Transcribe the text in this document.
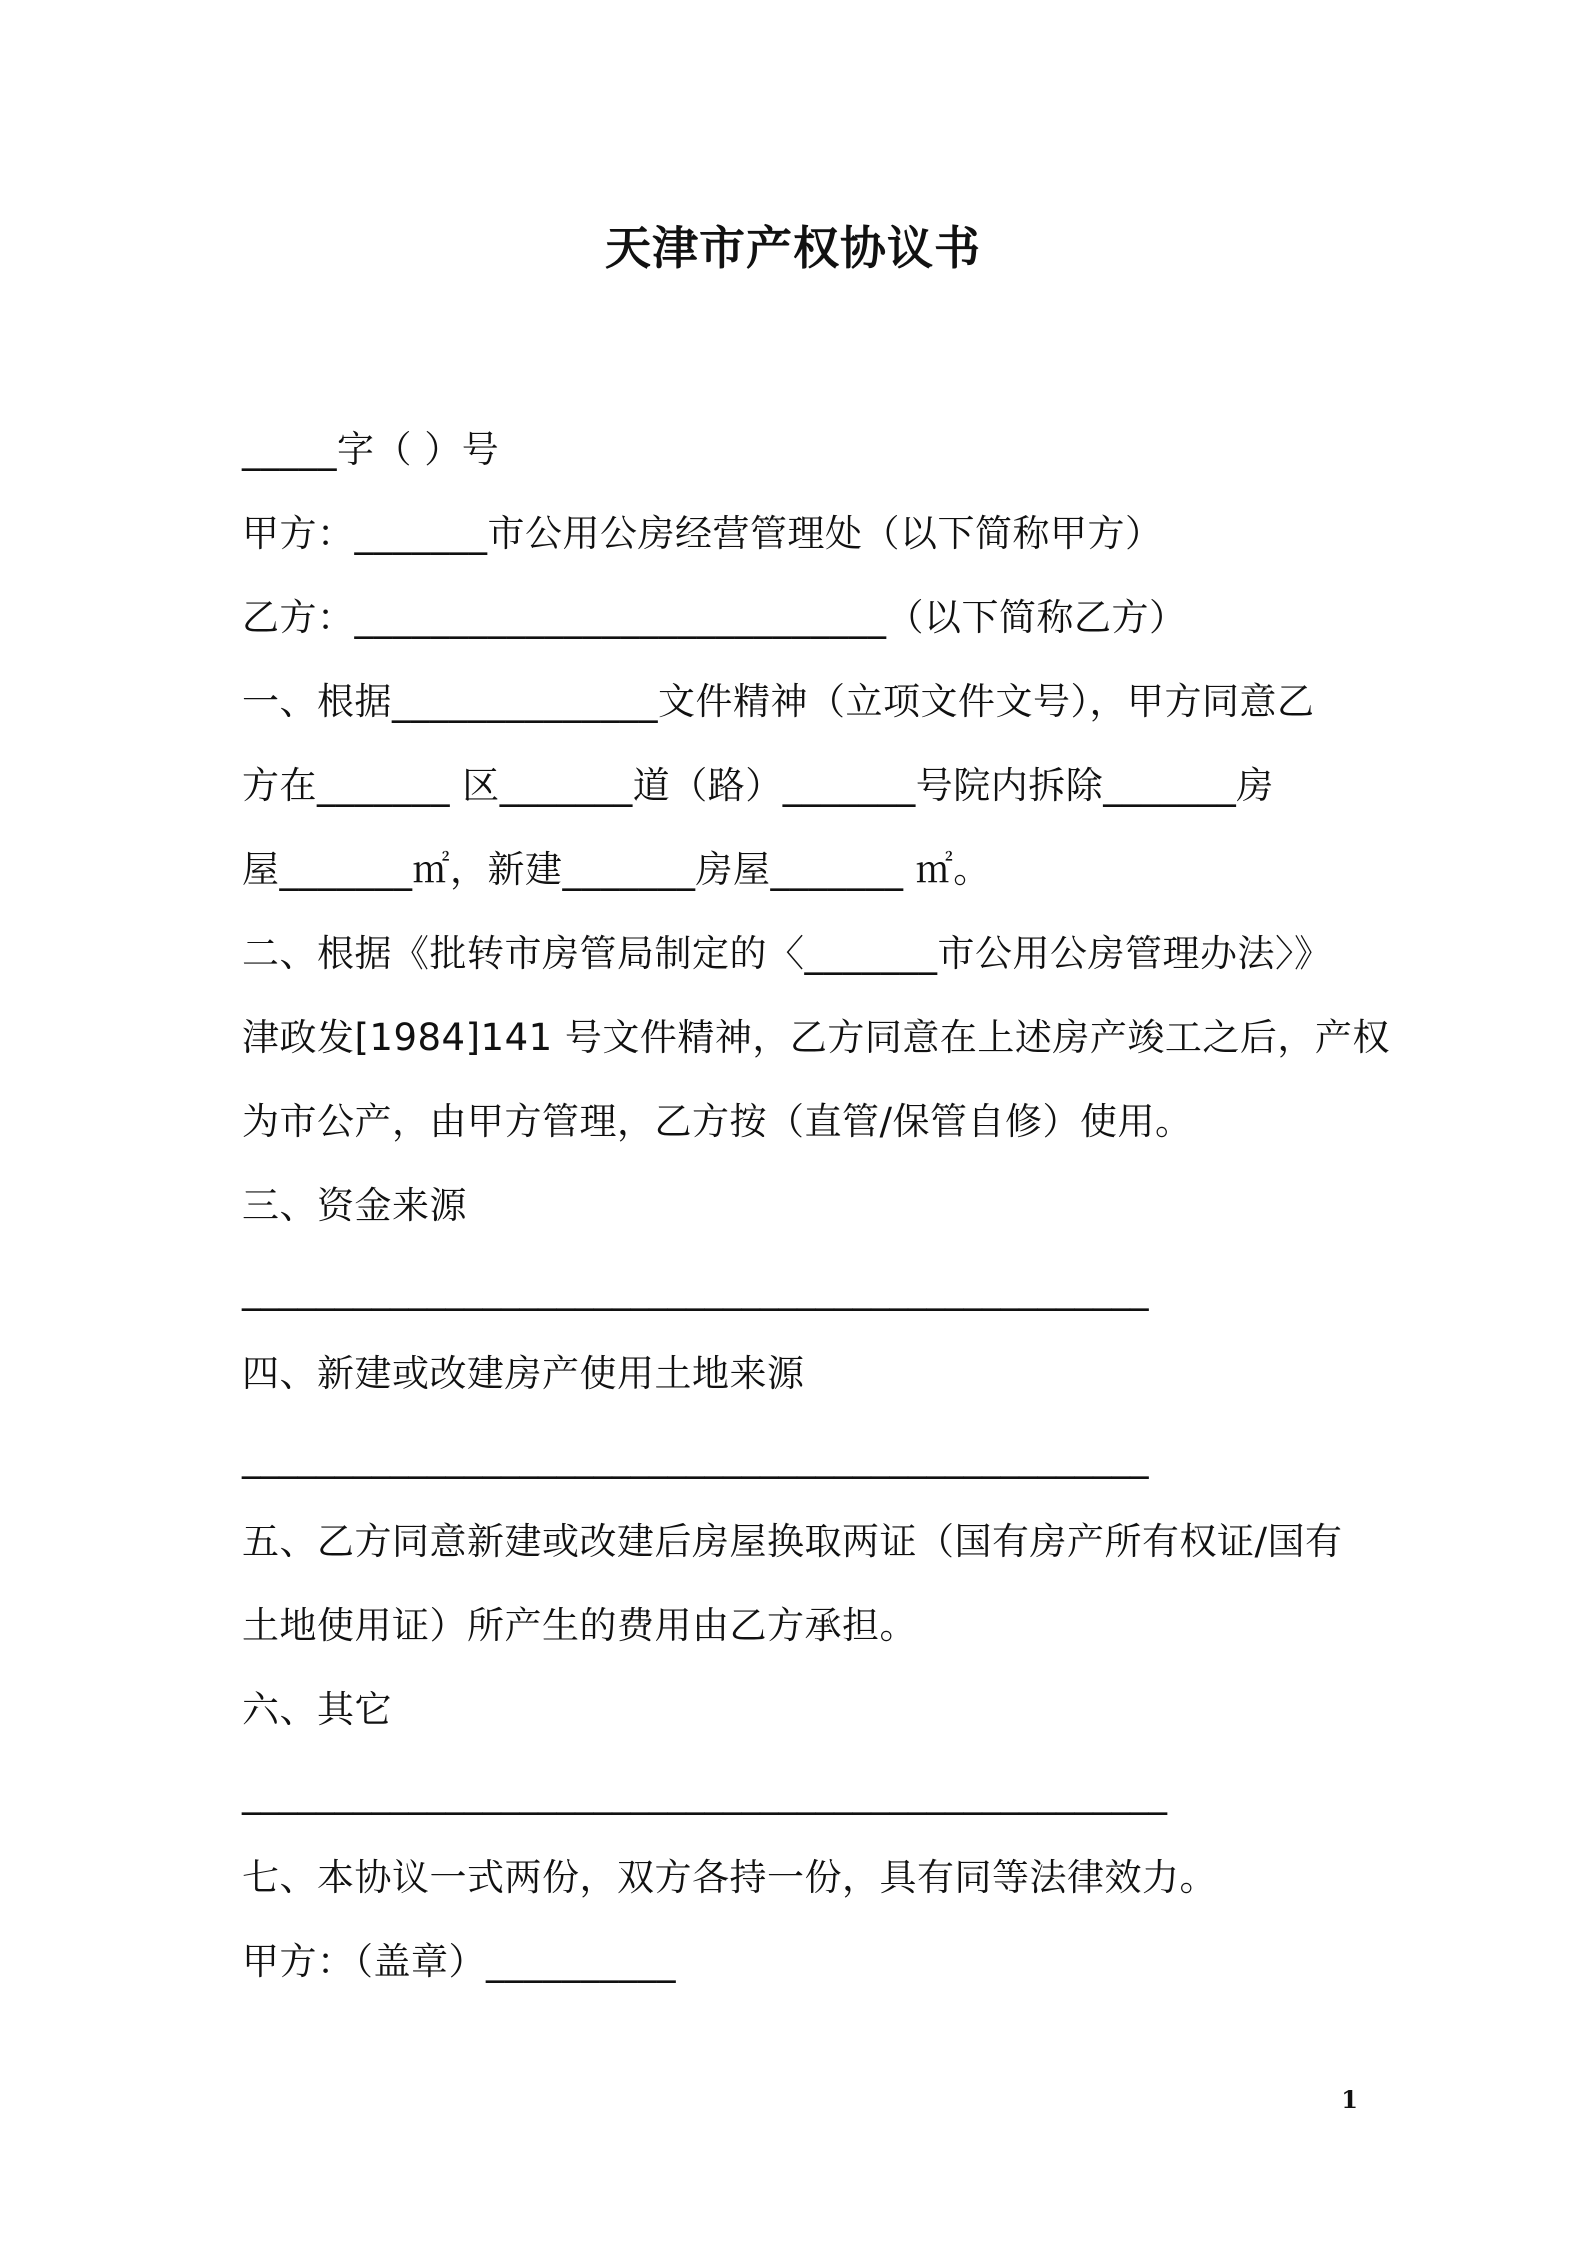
天津市产权协议书
_____字（ ）号
甲方：_______市公用公房经营管理处（以下简称甲方）
乙方：____________________________（以下简称乙方）
一、根据______________文件精神（立项文件文号），甲方同意乙
方在_______ 区_______道（路）_______号院内拆除_______房
屋_______㎡，新建_______房屋_______ ㎡。
二、根据《批转市房管局制定的〈_______市公用公房管理办法〉》
津政发[1984]141 号文件精神，乙方同意在上述房产竣工之后，产权
为市公产，由甲方管理，乙方按（直管/保管自修）使用。
三、资金来源
_________________________________________________
四、新建或改建房产使用土地来源
_________________________________________________
五、乙方同意新建或改建后房屋换取两证（国有房产所有权证/国有
土地使用证）所产生的费用由乙方承担。
六、其它
__________________________________________________
七、本协议一式两份，双方各持一份，具有同等法律效力。
甲方：（盖章）__________
1
